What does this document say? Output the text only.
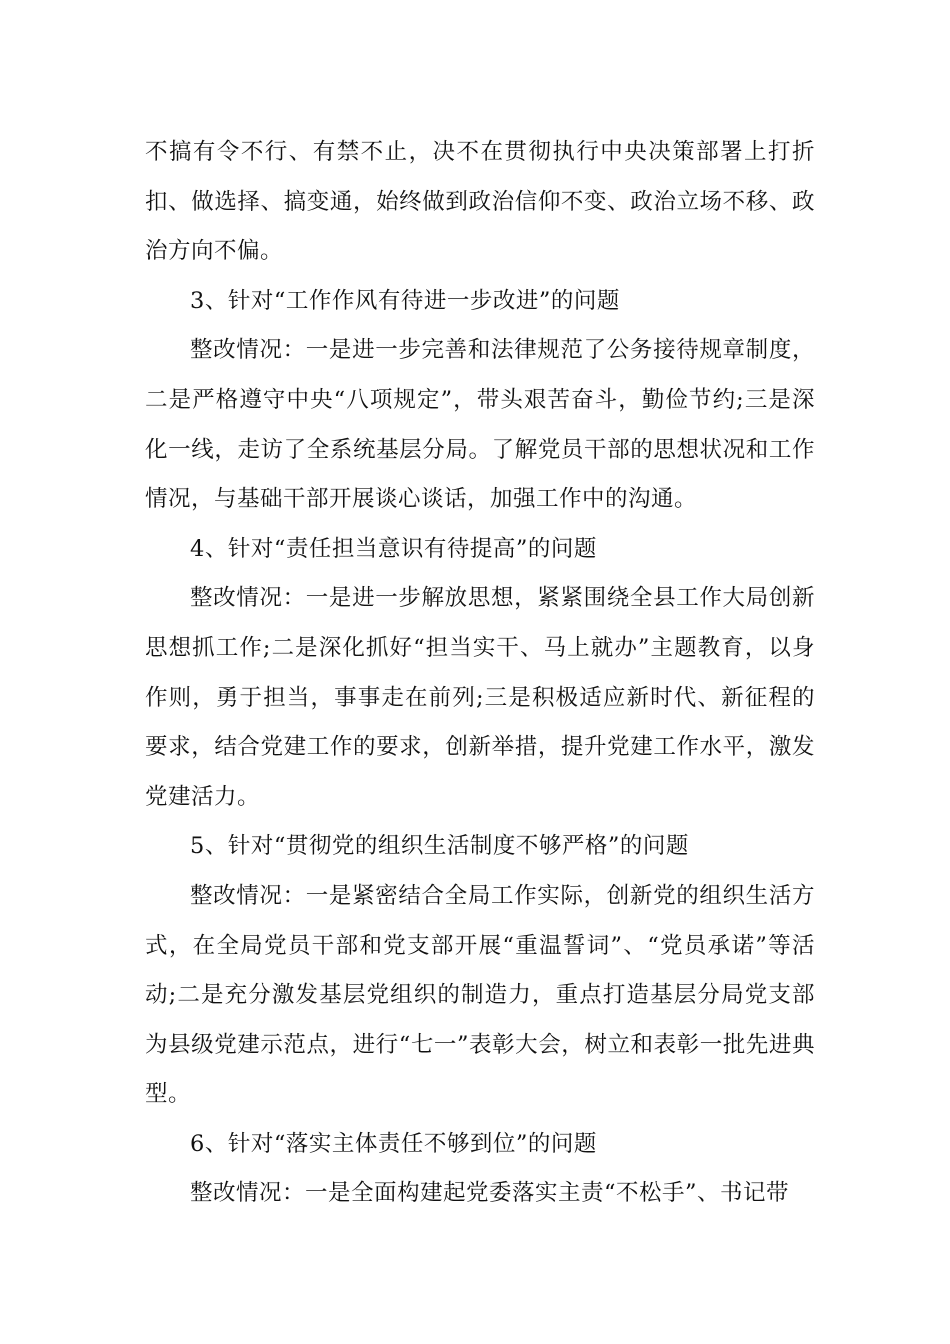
不搞有令不行、有禁不止，决不在贯彻执行中央决策部署上打折扣、做选择、搞变通，始终做到政治信仰不变、政治立场不移、政治方向不偏。

3、针对“工作作风有待进一步改进”的问题

整改情况：一是进一步完善和法律规范了公务接待规章制度，二是严格遵守中央“八项规定”，带头艰苦奋斗，勤俭节约;三是深化一线，走访了全系统基层分局。了解党员干部的思想状况和工作情况，与基础干部开展谈心谈话，加强工作中的沟通。

4、针对“责任担当意识有待提高”的问题

整改情况：一是进一步解放思想，紧紧围绕全县工作大局创新思想抓工作;二是深化抓好“担当实干、马上就办”主题教育，以身作则，勇于担当，事事走在前列;三是积极适应新时代、新征程的要求，结合党建工作的要求，创新举措，提升党建工作水平，激发党建活力。

5、针对“贯彻党的组织生活制度不够严格”的问题

整改情况：一是紧密结合全局工作实际，创新党的组织生活方式，在全局党员干部和党支部开展“重温誓词”、“党员承诺”等活动;二是充分激发基层党组织的制造力，重点打造基层分局党支部为县级党建示范点，进行“七一”表彰大会，树立和表彰一批先进典型。

6、针对“落实主体责任不够到位”的问题

整改情况：一是全面构建起党委落实主责“不松手”、书记带
